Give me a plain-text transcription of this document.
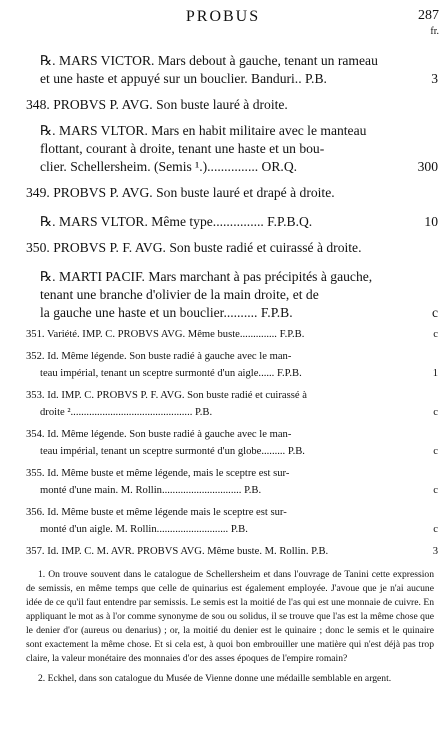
PROBUS	287
fr.
℞. MARS VICTOR. Mars debout à gauche, tenant un rameau
et une haste et appuyé sur un bouclier. Banduri.. P.B.	3
348. PROBVS P. AVG. Son buste lauré à droite.
℞. MARS VLTOR. Mars en habit militaire avec le manteau
flottant, courant à droite, tenant une haste et un bou-
clier. Schellersheim. (Semis ¹.)............... OR.Q.	300
349. PROBVS P. AVG. Son buste lauré et drapé à droite.
℞. MARS VLTOR. Même type............... F.P.B.Q.	10
350. PROBVS P. F. AVG. Son buste radié et cuirassé à droite.
℞. MARTI PACIF. Mars marchant à pas précipités à gauche,
tenant une branche d'olivier de la main droite, et de
la gauche une haste et un bouclier.......... F.P.B.	c
351. Variété. IMP. C. PROBVS AVG. Même buste.............. F.P.B.	c
352. Id. Même légende. Son buste radié à gauche avec le man-
teau impérial, tenant un sceptre surmonté d'un aigle...... F.P.B.	1
353. Id. IMP. C. PROBVS P. F. AVG. Son buste radié et cuirassé à
droite ².............................................. P.B.	c
354. Id. Même légende. Son buste radié à gauche avec le man-
teau impérial, tenant un sceptre surmonté d'un globe......... P.B.	c
355. Id. Même buste et même légende, mais le sceptre est sur-
monté d'une main. M. Rollin.............................. P.B.	c
356. Id. Même buste et même légende mais le sceptre est sur-
monté d'un aigle. M. Rollin........................... P.B.	c
357. Id. IMP. C. M. AVR. PROBVS AVG. Même buste. M. Rollin. P.B.	3

1. On trouve souvent dans le catalogue de Schellersheim et dans l'ouvrage de Tanini cette expression de semissis, en même temps que celle de quinarius est également employée. J'avoue que je n'ai aucune idée de ce qu'il faut entendre par semissis. Le semis est la moitié de l'as qui est une monnaie de cuivre. En appliquant le mot as à l'or comme synonyme de sou ou solidus, il se trouve que l'as est la même chose que le denier d'or (aureus ou denarius) ; or, la moitié du denier est le quinaire ; donc le semis et le quinaire sont exactement la même chose. Et si cela est, à quoi bon embrouiller une matière qui n'est déjà pas trop claire, la valeur monétaire des monnaies d'or des asses époques de l'empire romain?

2. Eckhel, dans son catalogue du Musée de Vienne donne une médaille semblable en argent.
